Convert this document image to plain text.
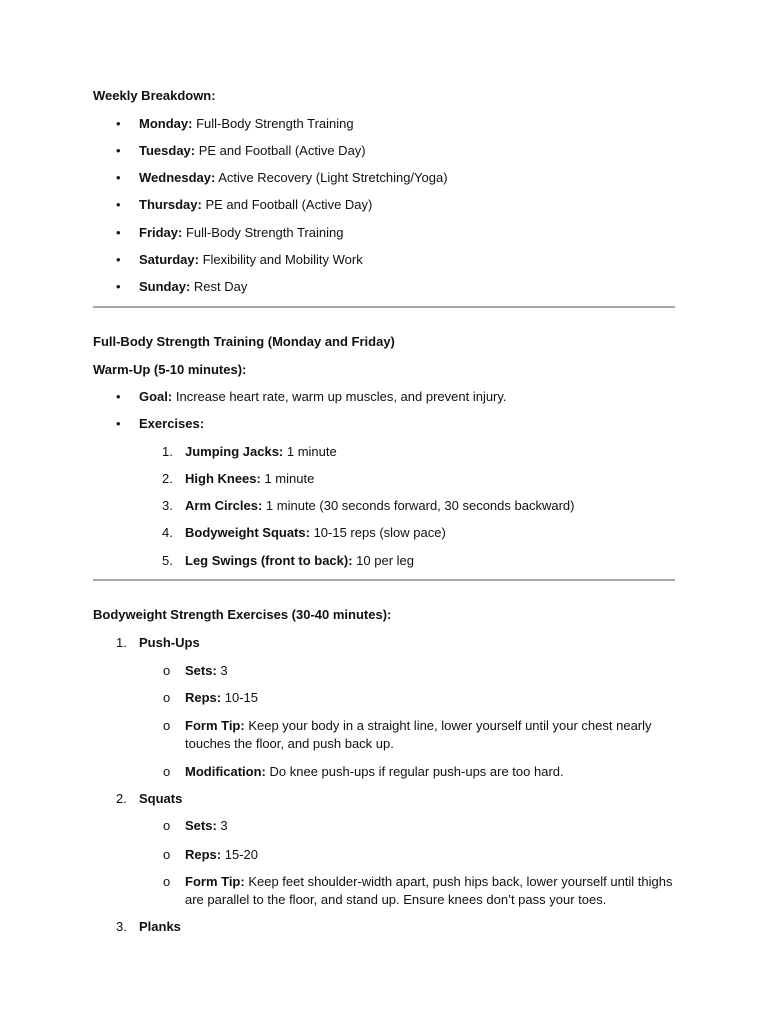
Weekly Breakdown:
• Monday: Full-Body Strength Training
• Tuesday: PE and Football (Active Day)
• Wednesday: Active Recovery (Light Stretching/Yoga)
• Thursday: PE and Football (Active Day)
• Friday: Full-Body Strength Training
• Saturday: Flexibility and Mobility Work
• Sunday: Rest Day
Full-Body Strength Training (Monday and Friday)
Warm-Up (5-10 minutes):
• Goal: Increase heart rate, warm up muscles, and prevent injury.
• Exercises:
1. Jumping Jacks: 1 minute
2. High Knees: 1 minute
3. Arm Circles: 1 minute (30 seconds forward, 30 seconds backward)
4. Bodyweight Squats: 10-15 reps (slow pace)
5. Leg Swings (front to back): 10 per leg
Bodyweight Strength Exercises (30-40 minutes):
1. Push-Ups
o Sets: 3
o Reps: 10-15
o Form Tip: Keep your body in a straight line, lower yourself until your chest nearly touches the floor, and push back up.
o Modification: Do knee push-ups if regular push-ups are too hard.
2. Squats
o Sets: 3
o Reps: 15-20
o Form Tip: Keep feet shoulder-width apart, push hips back, lower yourself until thighs are parallel to the floor, and stand up. Ensure knees don’t pass your toes.
3. Planks
